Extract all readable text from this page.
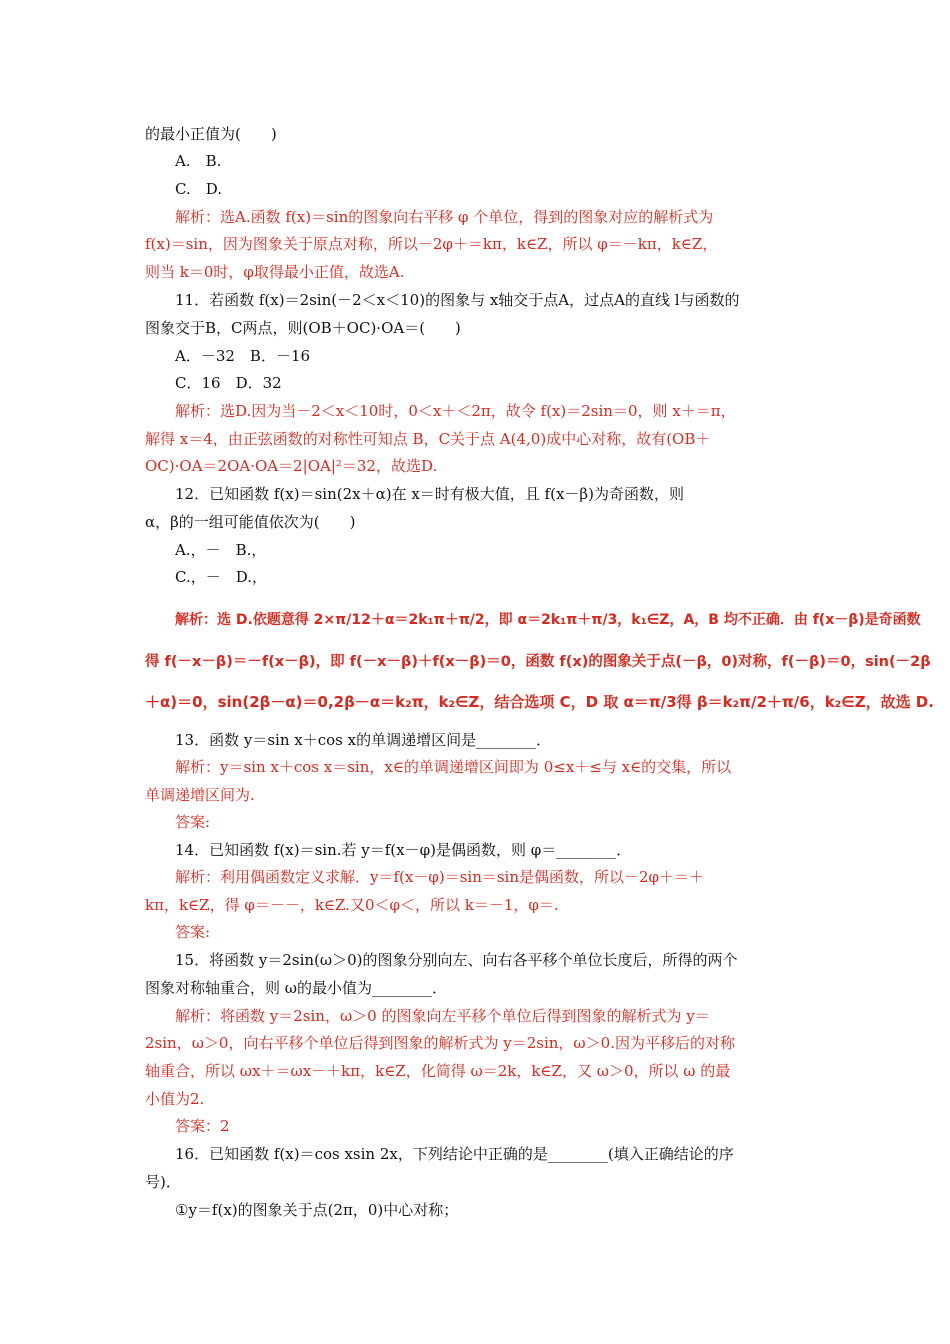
的最小正值为(　　)
A.　B.
C.　D.
解析：选A.函数 f(x)＝sin的图象向右平移 φ 个单位，得到的图象对应的解析式为
f(x)＝sin，因为图象关于原点对称，所以－2φ＋＝kπ，k∈Z，所以 φ＝－kπ，k∈Z，
则当 k＝0时，φ取得最小正值，故选A.
11．若函数 f(x)＝2sin(－2＜x＜10)的图象与 x轴交于点A，过点A的直线 l与函数的
图象交于B，C两点，则(OB＋OC)·OA＝(　　)
A．－32　B．－16
C．16　D．32
解析：选D.因为当－2＜x＜10时，0＜x＋＜2π，故令 f(x)＝2sin＝0，则 x＋＝π，
解得 x＝4，由正弦函数的对称性可知点 B，C关于点 A(4,0)成中心对称，故有(OB＋
OC)·OA＝2OA·OA＝2|OA|²＝32，故选D.
12．已知函数 f(x)＝sin(2x＋α)在 x＝时有极大值，且 f(x－β)为奇函数，则
α，β的一组可能值依次为(　　)
A.，－　B.，
C.，－　D.，
解析：选 D.依题意得 2×π/12＋α＝2k₁π＋π/2，即 α＝2k₁π＋π/3，k₁∈Z，A，B 均不正确．由 f(x－β)是奇函数
得 f(－x－β)＝－f(x－β)，即 f(－x－β)＋f(x－β)＝0，函数 f(x)的图象关于点(－β，0)对称，f(－β)＝0，sin(－2β
＋α)＝0，sin(2β－α)＝0,2β－α＝k₂π，k₂∈Z，结合选项 C，D 取 α＝π/3得 β＝k₂π/2＋π/6，k₂∈Z，故选 D.
13．函数 y＝sin x＋cos x的单调递增区间是________．
解析：y＝sin x＋cos x＝sin，x∈的单调递增区间即为 0≤x＋≤与 x∈的交集，所以
单调递增区间为.
答案:
14．已知函数 f(x)＝sin.若 y＝f(x－φ)是偶函数，则 φ＝________．
解析：利用偶函数定义求解．y＝f(x－φ)＝sin＝sin是偶函数，所以－2φ＋＝＋
kπ，k∈Z，得 φ＝－－，k∈Z.又0＜φ＜，所以 k＝－1，φ＝.
答案:
15．将函数 y＝2sin(ω＞0)的图象分别向左、向右各平移个单位长度后，所得的两个
图象对称轴重合，则 ω的最小值为________．
解析：将函数 y＝2sin，ω＞0 的图象向左平移个单位后得到图象的解析式为 y＝
2sin，ω＞0，向右平移个单位后得到图象的解析式为 y＝2sin，ω＞0.因为平移后的对称
轴重合，所以 ωx＋＝ωx－＋kπ，k∈Z，化简得 ω＝2k，k∈Z，又 ω＞0，所以 ω 的最
小值为2.
答案：2
16．已知函数 f(x)＝cos xsin 2x，下列结论中正确的是________(填入正确结论的序
号)．
①y＝f(x)的图象关于点(2π，0)中心对称；
